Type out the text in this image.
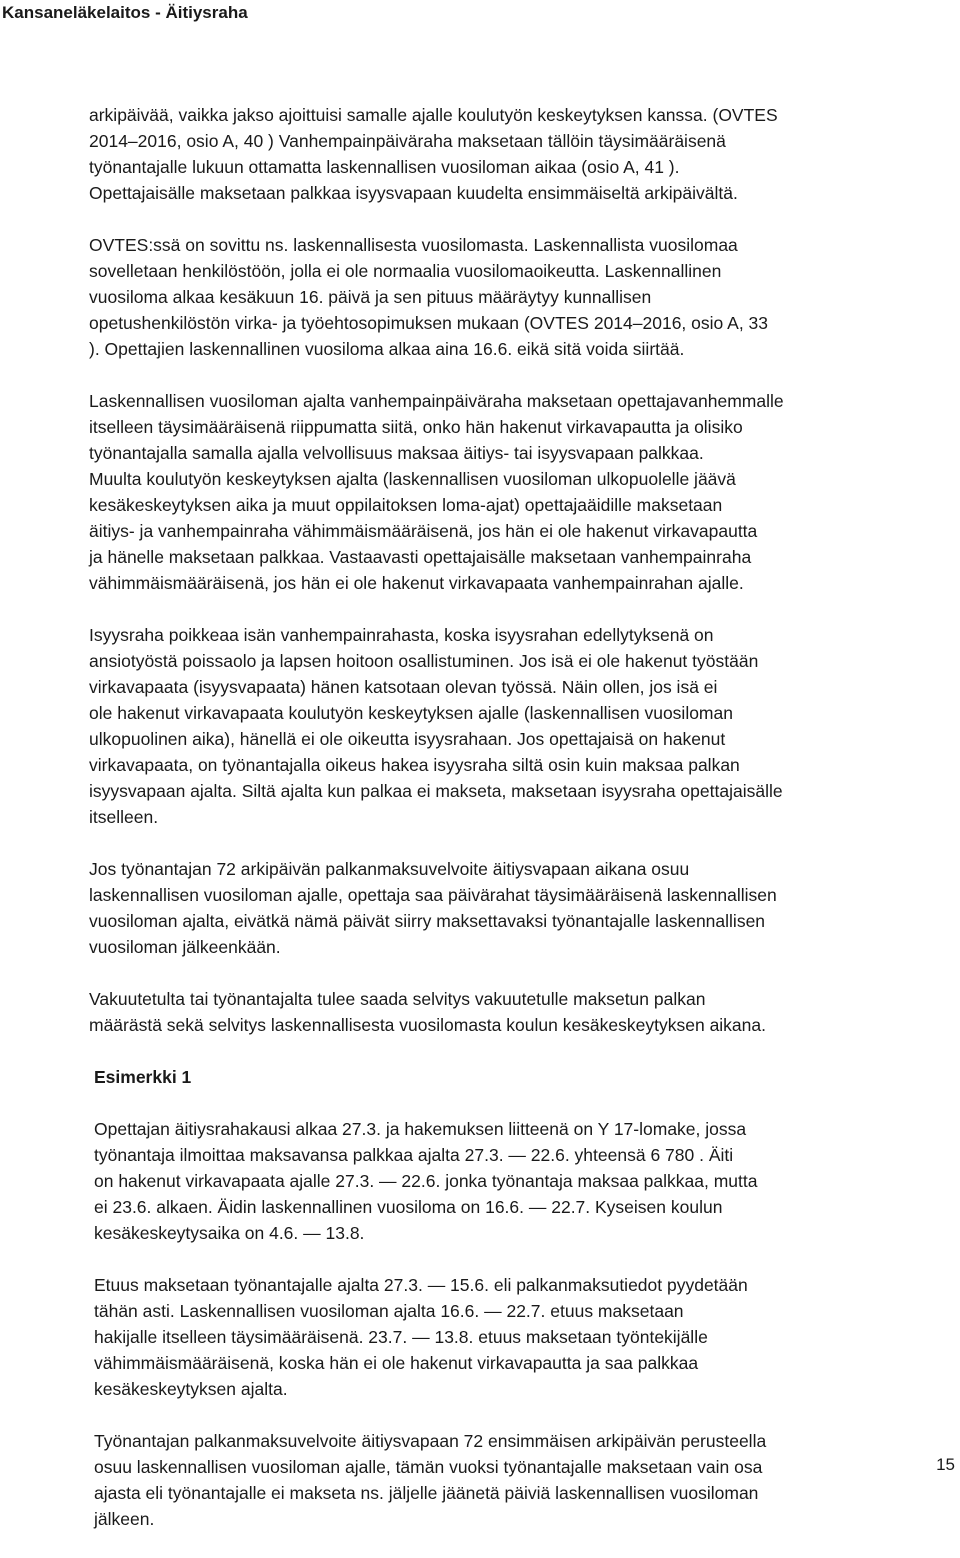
Kansaneläkelaitos - Äitiysraha
arkipäivää, vaikka jakso ajoittuisi samalle ajalle koulutyön keskeytyksen kanssa. (OVTES
2014–2016, osio A, 40 ) Vanhempainpäiväraha maksetaan tällöin täysimääräisenä
työnantajalle lukuun ottamatta laskennallisen vuosiloman aikaa (osio A, 41 ).
Opettajaisälle maksetaan palkkaa isyysvapaan kuudelta ensimmäiseltä arkipäivältä.
OVTES:ssä on sovittu ns. laskennallisesta vuosilomasta. Laskennallista vuosilomaa
sovelletaan henkilöstöön, jolla ei ole normaalia vuosilomaoikeutta. Laskennallinen
vuosiloma alkaa kesäkuun 16. päivä ja sen pituus määräytyy kunnallisen
opetushenkilöstön virka- ja työehtosopimuksen mukaan (OVTES 2014–2016, osio A, 33
). Opettajien laskennallinen vuosiloma alkaa aina 16.6. eikä sitä voida siirtää.
Laskennallisen vuosiloman ajalta vanhempainpäiväraha maksetaan opettajavanhemmalle
itselleen täysimääräisenä riippumatta siitä, onko hän hakenut virkavapautta ja olisiko
työnantajalla samalla ajalla velvollisuus maksaa äitiys- tai isyysvapaan palkkaa.
Muulta koulutyön keskeytyksen ajalta (laskennallisen vuosiloman ulkopuolelle jäävä
kesäkeskeytyksen aika ja muut oppilaitoksen loma-ajat) opettajaäidille maksetaan
äitiys- ja vanhempainraha vähimmäismääräisenä, jos hän ei ole hakenut virkavapautta
ja hänelle maksetaan palkkaa. Vastaavasti opettajaisälle maksetaan vanhempainraha
vähimmäismääräisenä, jos hän ei ole hakenut virkavapaata vanhempainrahan ajalle.
Isyysraha poikkeaa isän vanhempainrahasta, koska isyysrahan edellytyksenä on
ansiotyöstä poissaolo ja lapsen hoitoon osallistuminen. Jos isä ei ole hakenut työstään
virkavapaata (isyysvapaata) hänen katsotaan olevan työssä. Näin ollen, jos isä ei
ole hakenut virkavapaata koulutyön keskeytyksen ajalle (laskennallisen vuosiloman
ulkopuolinen aika), hänellä ei ole oikeutta isyysrahaan. Jos opettajaisä on hakenut
virkavapaata, on työnantajalla oikeus hakea isyysraha siltä osin kuin maksaa palkan
isyysvapaan ajalta. Siltä ajalta kun palkaa ei makseta, maksetaan isyysraha opettajaisälle
itselleen.
Jos työnantajan 72 arkipäivän palkanmaksuvelvoite äitiysvapaan aikana osuu
laskennallisen vuosiloman ajalle, opettaja saa päivärahat täysimääräisenä laskennallisen
vuosiloman ajalta, eivätkä nämä päivät siirry maksettavaksi työnantajalle laskennallisen
vuosiloman jälkeenkään.
Vakuutetulta tai työnantajalta tulee saada selvitys vakuutetulle maksetun palkan
määrästä sekä selvitys laskennallisesta vuosilomasta koulun kesäkeskeytyksen aikana.
Esimerkki 1
Opettajan äitiysrahakausi alkaa 27.3. ja hakemuksen liitteenä on Y 17-lomake, jossa
työnantaja ilmoittaa maksavansa palkkaa ajalta 27.3. — 22.6. yhteensä 6 780 . Äiti
on hakenut virkavapaata ajalle 27.3. — 22.6. jonka työnantaja maksaa palkkaa, mutta
ei 23.6. alkaen. Äidin laskennallinen vuosiloma on 16.6. — 22.7. Kyseisen koulun
kesäkeskeytysaika on 4.6. — 13.8.
Etuus maksetaan työnantajalle ajalta 27.3. — 15.6. eli palkanmaksutiedot pyydetään
tähän asti. Laskennallisen vuosiloman ajalta 16.6. — 22.7. etuus maksetaan
hakijalle itselleen täysimääräisenä. 23.7. — 13.8. etuus maksetaan työntekijälle
vähimmäismääräisenä, koska hän ei ole hakenut virkavapautta ja saa palkkaa
kesäkeskeytyksen ajalta.
Työnantajan palkanmaksuvelvoite äitiysvapaan 72 ensimmäisen arkipäivän perusteella
osuu laskennallisen vuosiloman ajalle, tämän vuoksi työnantajalle maksetaan vain osa
ajasta eli työnantajalle ei makseta ns. jäljelle jäänetä päiviä laskennallisen vuosiloman
jälkeen.
15
